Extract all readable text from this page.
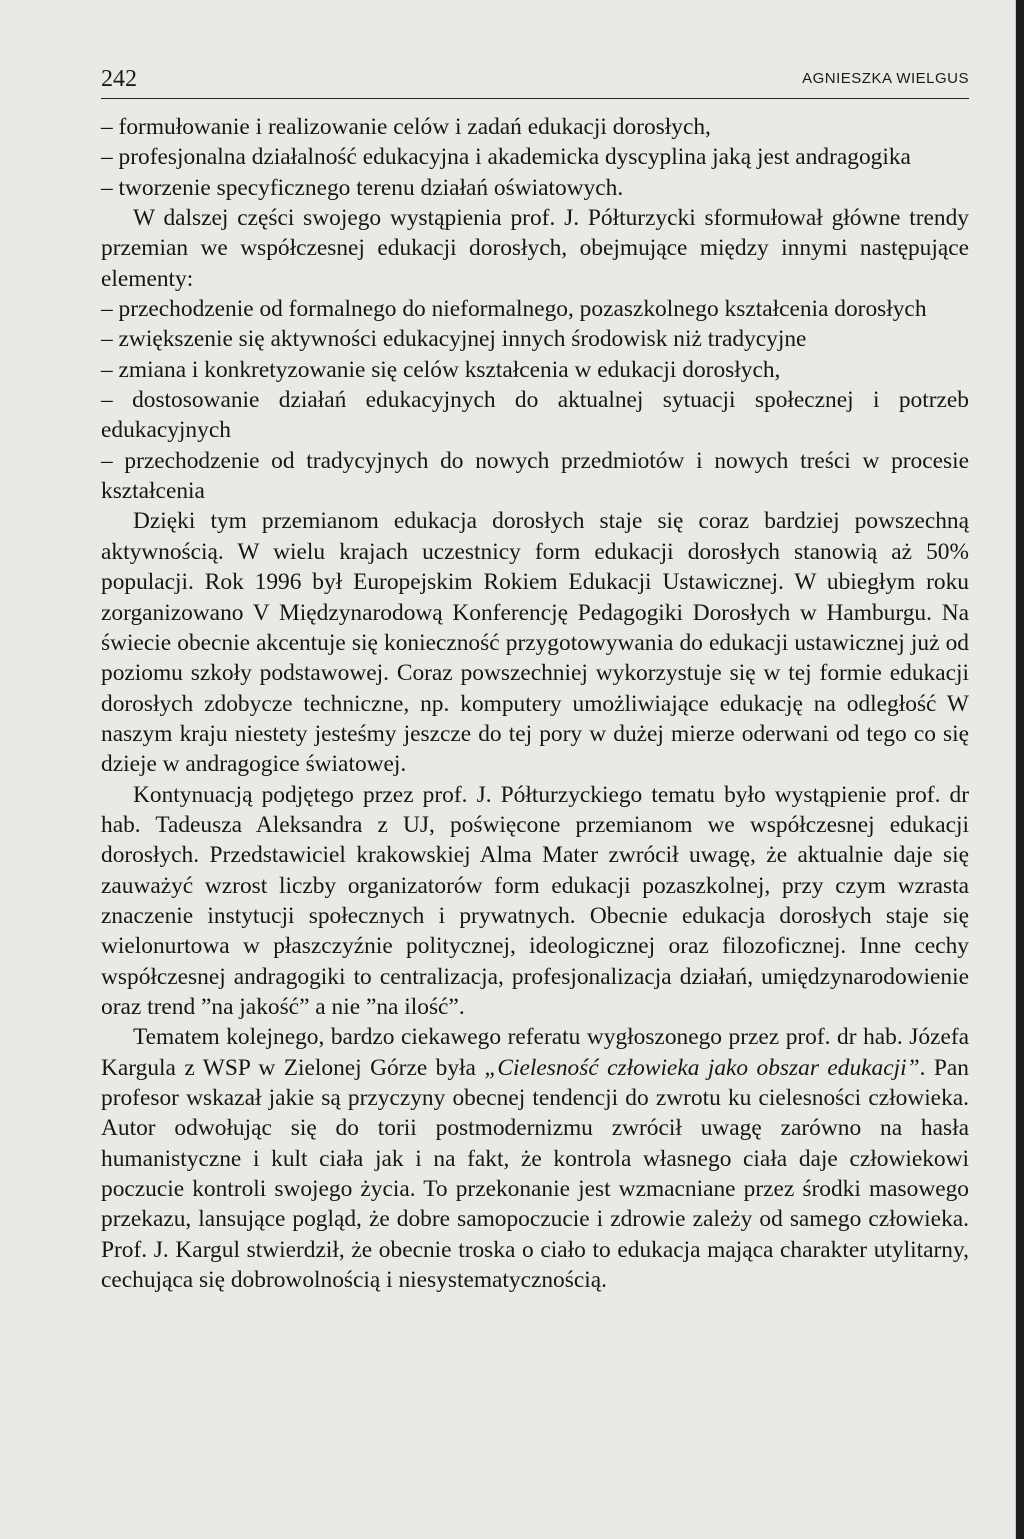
242	AGNIESZKA WIELGUS

– formułowanie i realizowanie celów i zadań edukacji dorosłych,

– profesjonalna działalność edukacyjna i akademicka dyscyplina jaką jest andragogika

– tworzenie specyficznego terenu działań oświatowych.

W dalszej części swojego wystąpienia prof. J. Półturzycki sformułował główne trendy przemian we współczesnej edukacji dorosłych, obejmujące między innymi następujące elementy:

– przechodzenie od formalnego do nieformalnego, pozaszkolnego kształcenia dorosłych

– zwiększenie się aktywności edukacyjnej innych środowisk niż tradycyjne

– zmiana i konkretyzowanie się celów kształcenia w edukacji dorosłych,

– dostosowanie działań edukacyjnych do aktualnej sytuacji społecznej i potrzeb edukacyjnych

– przechodzenie od tradycyjnych do nowych przedmiotów i nowych treści w procesie kształcenia

Dzięki tym przemianom edukacja dorosłych staje się coraz bardziej powszechną aktywnością. W wielu krajach uczestnicy form edukacji dorosłych stanowią aż 50% populacji. Rok 1996 był Europejskim Rokiem Edukacji Ustawicznej. W ubiegłym roku zorganizowano V Międzynarodową Konferencję Pedagogiki Dorosłych w Hamburgu. Na świecie obecnie akcentuje się konieczność przygotowywania do edukacji ustawicznej już od poziomu szkoły podstawowej. Coraz powszechniej wykorzystuje się w tej formie edukacji dorosłych zdobycze techniczne, np. komputery umożliwiające edukację na odległość W naszym kraju niestety jesteśmy jeszcze do tej pory w dużej mierze oderwani od tego co się dzieje w andragogice światowej.

Kontynuacją podjętego przez prof. J. Półturzyckiego tematu było wystąpienie prof. dr hab. Tadeusza Aleksandra z UJ, poświęcone przemianom we współczesnej edukacji dorosłych. Przedstawiciel krakowskiej Alma Mater zwrócił uwagę, że aktualnie daje się zauważyć wzrost liczby organizatorów form edukacji pozaszkolnej, przy czym wzrasta znaczenie instytucji społecznych i prywatnych. Obecnie edukacja dorosłych staje się wielonurtowa w płaszczyźnie politycznej, ideologicznej oraz filozoficznej. Inne cechy współczesnej andragogiki to centralizacja, profesjonalizacja działań, umiędzynarodowienie oraz trend ”na jakość” a nie ”na ilość”.

Tematem kolejnego, bardzo ciekawego referatu wygłoszonego przez prof. dr hab. Józefa Kargula z WSP w Zielonej Górze była „Cielesność człowieka jako obszar edukacji”. Pan profesor wskazał jakie są przyczyny obecnej tendencji do zwrotu ku cielesności człowieka. Autor odwołując się do torii postmodernizmu zwrócił uwagę zarówno na hasła humanistyczne i kult ciała jak i na fakt, że kontrola własnego ciała daje człowiekowi poczucie kontroli swojego życia. To przekonanie jest wzmacniane przez środki masowego przekazu, lansujące pogląd, że dobre samopoczucie i zdrowie zależy od samego człowieka. Prof. J. Kargul stwierdził, że obecnie troska o ciało to edukacja mająca charakter utylitarny, cechująca się dobrowolnością i niesystematycznością.
